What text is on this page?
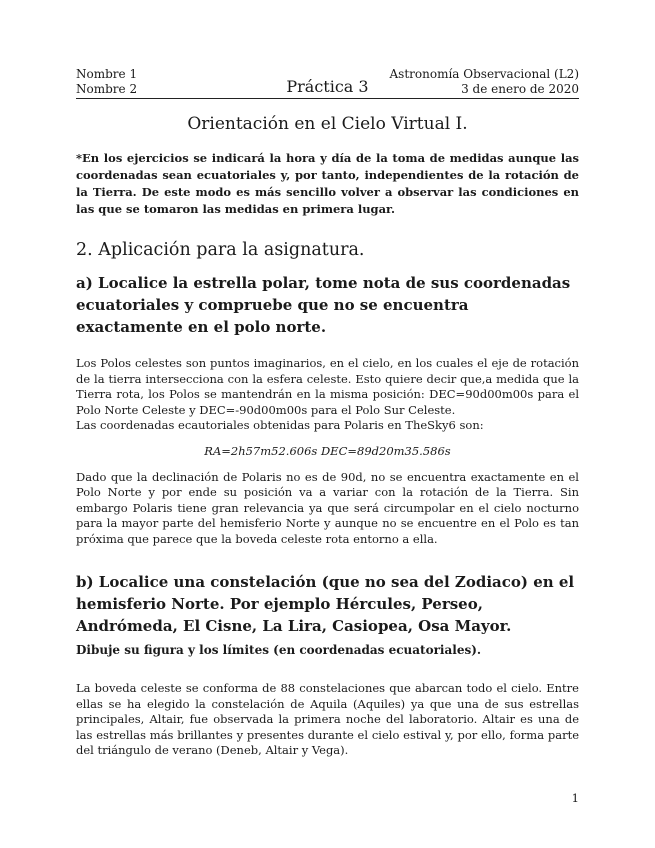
Nombre 1
Nombre 2	Práctica 3
Astronomía Observacional (L2)
3 de enero de 2020
Orientación en el Cielo Virtual I.

*En los ejercicios se indicará la hora y día de la toma de medidas aunque las coordenadas sean ecuatoriales y, por tanto, independientes de la rotación de la Tierra. De este modo es más sencillo volver a observar las condiciones en las que se tomaron las medidas en primera lugar.

2. Aplicación para la asignatura.
a) Localice la estrella polar, tome nota de sus coordenadas ecuatoriales y compruebe que no se encuentra exactamente en el polo norte.

Los Polos celestes son puntos imaginarios, en el cielo, en los cuales el eje de rotación de la tierra intersecciona con la esfera celeste. Esto quiere decir que,a medida que la Tierra rota, los Polos se mantendrán en la misma posición: DEC=90d00m00s para el Polo Norte Celeste y DEC=-90d00m00s para el Polo Sur Celeste.

Las coordenadas ecautoriales obtenidas para Polaris en TheSky6 son:

RA=2h57m52.606s DEC=89d20m35.586s

Dado que la declinación de Polaris no es de 90d, no se encuentra exactamente en el Polo Norte y por ende su posición va a variar con la rotación de la Tierra. Sin embargo Polaris tiene gran relevancia ya que será circumpolar en el cielo nocturno para la mayor parte del hemisferio Norte y aunque no se encuentre en el Polo es tan próxima que parece que la boveda celeste rota entorno a ella.

b) Localice una constelación (que no sea del Zodiaco) en el hemisferio Norte. Por ejemplo Hércules, Perseo, Andrómeda, El Cisne, La Lira, Casiopea, Osa Mayor.

Dibuje su figura y los límites (en coordenadas ecuatoriales).

La boveda celeste se conforma de 88 constelaciones que abarcan todo el cielo. Entre ellas se ha elegido la constelación de Aquila (Aquiles) ya que una de sus estrellas principales, Altair, fue observada la primera noche del laboratorio. Altair es una de las estrellas más brillantes y presentes durante el cielo estival y, por ello, forma parte del triángulo de verano (Deneb, Altair y Vega).

1
